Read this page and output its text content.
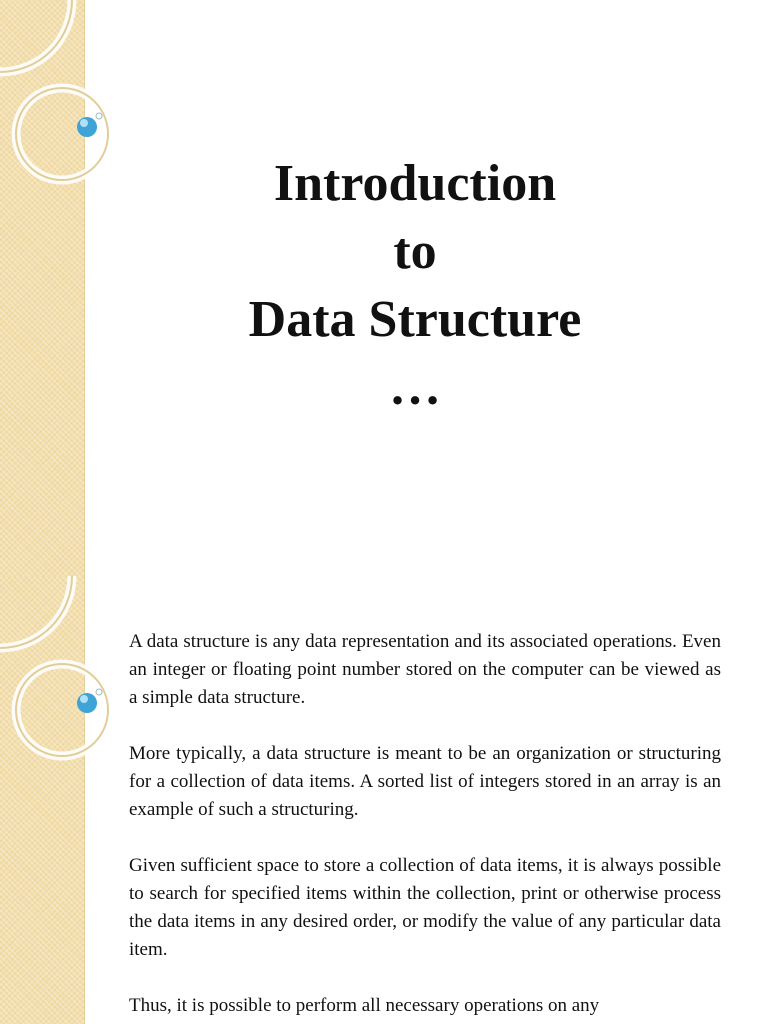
Introduction
to
Data Structure
…

A data structure is any data representation and its associated operations. Even an integer or floating point number stored on the computer can be viewed as a simple data structure.

More typically, a data structure is meant to be an organization or structuring for a collection of data items. A sorted list of integers stored in an array is an example of such a structuring.

Given sufficient space to store a collection of data items, it is always possible to search for specified items within the collection, print or otherwise process the data items in any desired order, or modify the value of any particular data item.

Thus, it is possible to perform all necessary operations on any
